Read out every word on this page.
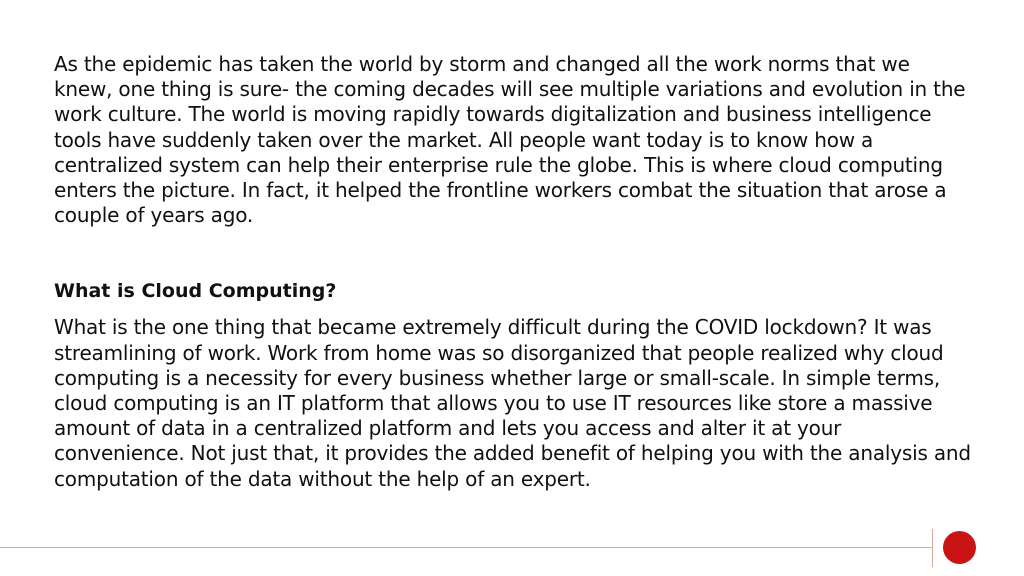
As the epidemic has taken the world by storm and changed all the work norms that we knew, one thing is sure- the coming decades will see multiple variations and evolution in the work culture. The world is moving rapidly towards digitalization and business intelligence tools have suddenly taken over the market. All people want today is to know how a centralized system can help their enterprise rule the globe. This is where cloud computing enters the picture. In fact, it helped the frontline workers combat the situation that arose a couple of years ago.

What is Cloud Computing?

What is the one thing that became extremely difficult during the COVID lockdown? It was streamlining of work. Work from home was so disorganized that people realized why cloud computing is a necessity for every business whether large or small-scale. In simple terms, cloud computing is an IT platform that allows you to use IT resources like store a massive amount of data in a centralized platform and lets you access and alter it at your convenience. Not just that, it provides the added benefit of helping you with the analysis and computation of the data without the help of an expert.
